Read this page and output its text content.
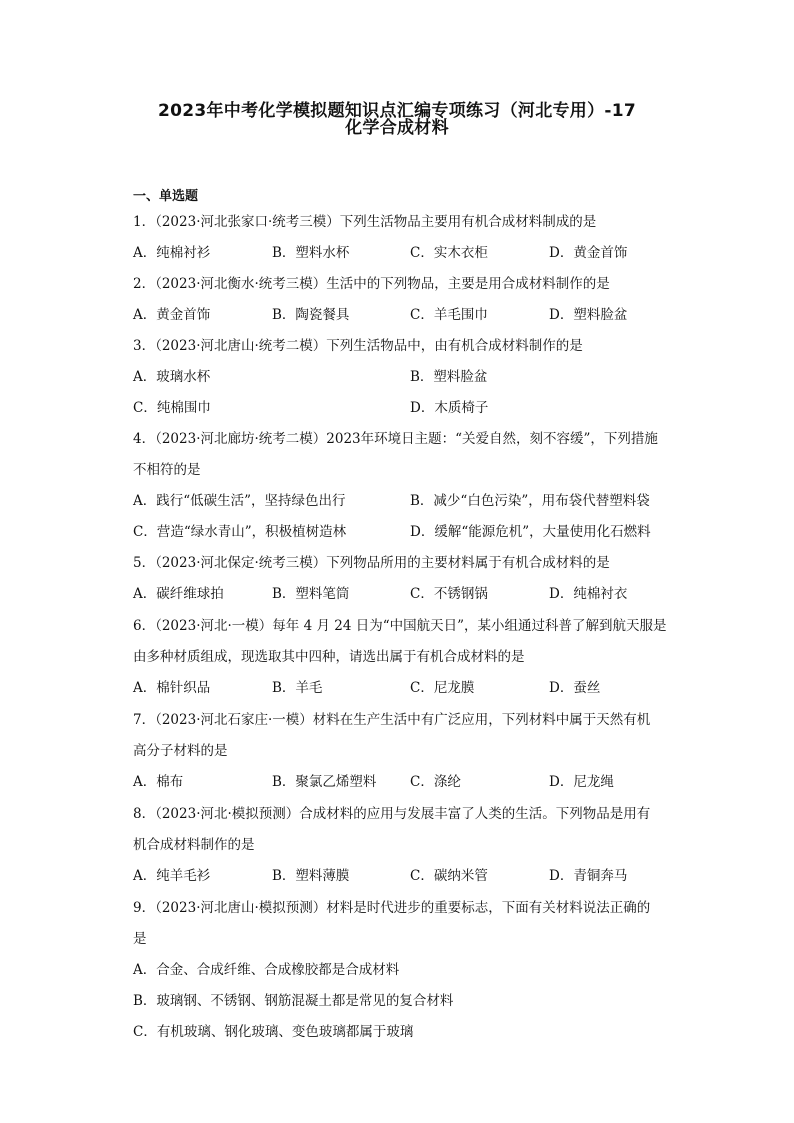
2023年中考化学模拟题知识点汇编专项练习（河北专用）-17
化学合成材料
一、单选题
1．（2023·河北张家口·统考三模）下列生活物品主要用有机合成材料制成的是
A．纯棉衬衫	B．塑料水杯	C．实木衣柜	D．黄金首饰
2．（2023·河北衡水·统考三模）生活中的下列物品，主要是用合成材料制作的是
A．黄金首饰	B．陶瓷餐具	C．羊毛围巾	D．塑料脸盆
3．（2023·河北唐山·统考二模）下列生活物品中，由有机合成材料制作的是
A．玻璃水杯	B．塑料脸盆
C．纯棉围巾	D．木质椅子
4．（2023·河北廊坊·统考二模）2023年环境日主题：“关爱自然，刻不容缓”，下列措施
不相符的是
A．践行“低碳生活”，坚持绿色出行	B．减少“白色污染”，用布袋代替塑料袋
C．营造“绿水青山”，积极植树造林	D．缓解“能源危机”，大量使用化石燃料
5．（2023·河北保定·统考三模）下列物品所用的主要材料属于有机合成材料的是
A．碳纤维球拍	B．塑料笔筒	C．不锈钢锅	D．纯棉衬衣
6．（2023·河北·一模）每年 4 月 24 日为“中国航天日”，某小组通过科普了解到航天服是
由多种材质组成，现选取其中四种，请选出属于有机合成材料的是
A．棉针织品	B．羊毛	C．尼龙膜	D．蚕丝
7．（2023·河北石家庄·一模）材料在生产生活中有广泛应用，下列材料中属于天然有机
高分子材料的是
A．棉布	B．聚氯乙烯塑料 C．涤纶	D．尼龙绳
8．（2023·河北·模拟预测）合成材料的应用与发展丰富了人类的生活。下列物品是用有
机合成材料制作的是
A．纯羊毛衫	B．塑料薄膜	C．碳纳米管	D．青铜奔马
9．（2023·河北唐山·模拟预测）材料是时代进步的重要标志，下面有关材料说法正确的
是
A．合金、合成纤维、合成橡胶都是合成材料
B．玻璃钢、不锈钢、钢筋混凝土都是常见的复合材料
C．有机玻璃、钢化玻璃、变色玻璃都属于玻璃
